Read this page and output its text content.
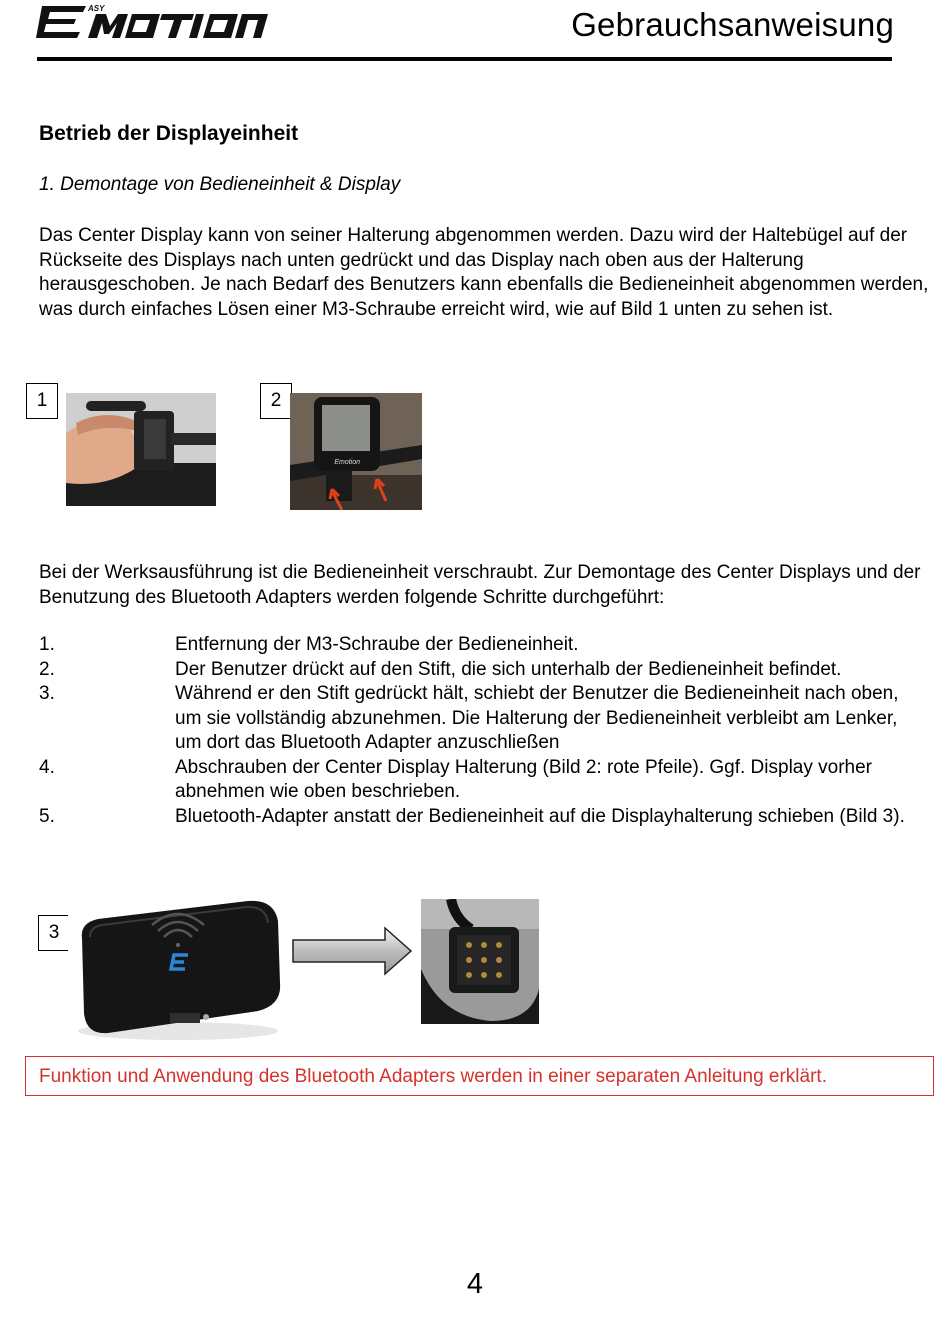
ASY	Gebrauchsanweisung
Betrieb der Displayeinheit
1. Demontage von Bedieneinheit & Display

Das Center Display kann von seiner Halterung abgenommen werden. Dazu wird der Haltebügel auf der Rückseite des Displays nach unten gedrückt und das Display nach oben aus der Halterung herausgeschoben. Je nach Bedarf des Benutzers kann ebenfalls die Bedieneinheit abgenommen werden, was durch einfaches Lösen einer M3-Schraube erreicht wird, wie auf Bild 1 unten zu sehen ist.

1	2
Emotion

Bei der Werksausführung ist die Bedieneinheit verschraubt. Zur Demontage des Center Displays und der Benutzung des Bluetooth Adapters werden folgende Schritte durchgeführt:

1.	Entfernung der M3-Schraube der Bedieneinheit.
2.	Der Benutzer drückt auf den Stift, die sich unterhalb der Bedieneinheit befindet.
3.	Während er den Stift gedrückt hält, schiebt der Benutzer die Bedieneinheit nach oben, um sie vollständig abzunehmen. Die Halterung der Bedieneinheit verbleibt am Lenker, um dort das Bluetooth Adapter anzuschließen
4.	Abschrauben der Center Display Halterung (Bild 2: rote Pfeile). Ggf. Display vorher abnehmen wie oben beschrieben.
5.	Bluetooth-Adapter anstatt der Bedieneinheit auf die Displayhalterung schieben (Bild 3).
3
Funktion und Anwendung des Bluetooth Adapters werden in einer separaten Anleitung erklärt.
4
